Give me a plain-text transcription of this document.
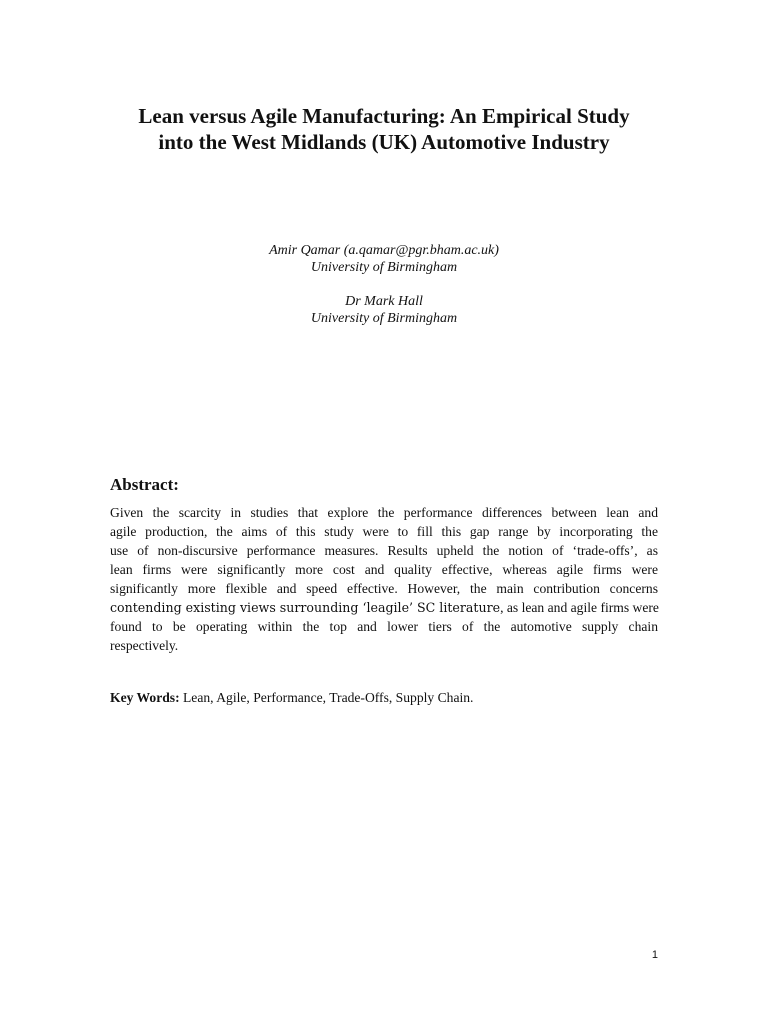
Lean versus Agile Manufacturing: An Empirical Study
into the West Midlands (UK) Automotive Industry
Amir Qamar (a.qamar@pgr.bham.ac.uk)
University of Birmingham
Dr Mark Hall
University of Birmingham
Abstract:

Given the scarcity in studies that explore the performance differences between lean and
agile production, the aims of this study were to fill this gap range by incorporating the
use of non-discursive performance measures. Results upheld the notion of ‘trade-offs’, as
lean firms were significantly more cost and quality effective, whereas agile firms were
significantly more flexible and speed effective. However, the main contribution concerns
contending existing views surrounding ‘leagile’ SC literature, as lean and agile firms were
found to be operating within the top and lower tiers of the automotive supply chain
respectively.

Key Words: Lean, Agile, Performance, Trade-Offs, Supply Chain.

1
